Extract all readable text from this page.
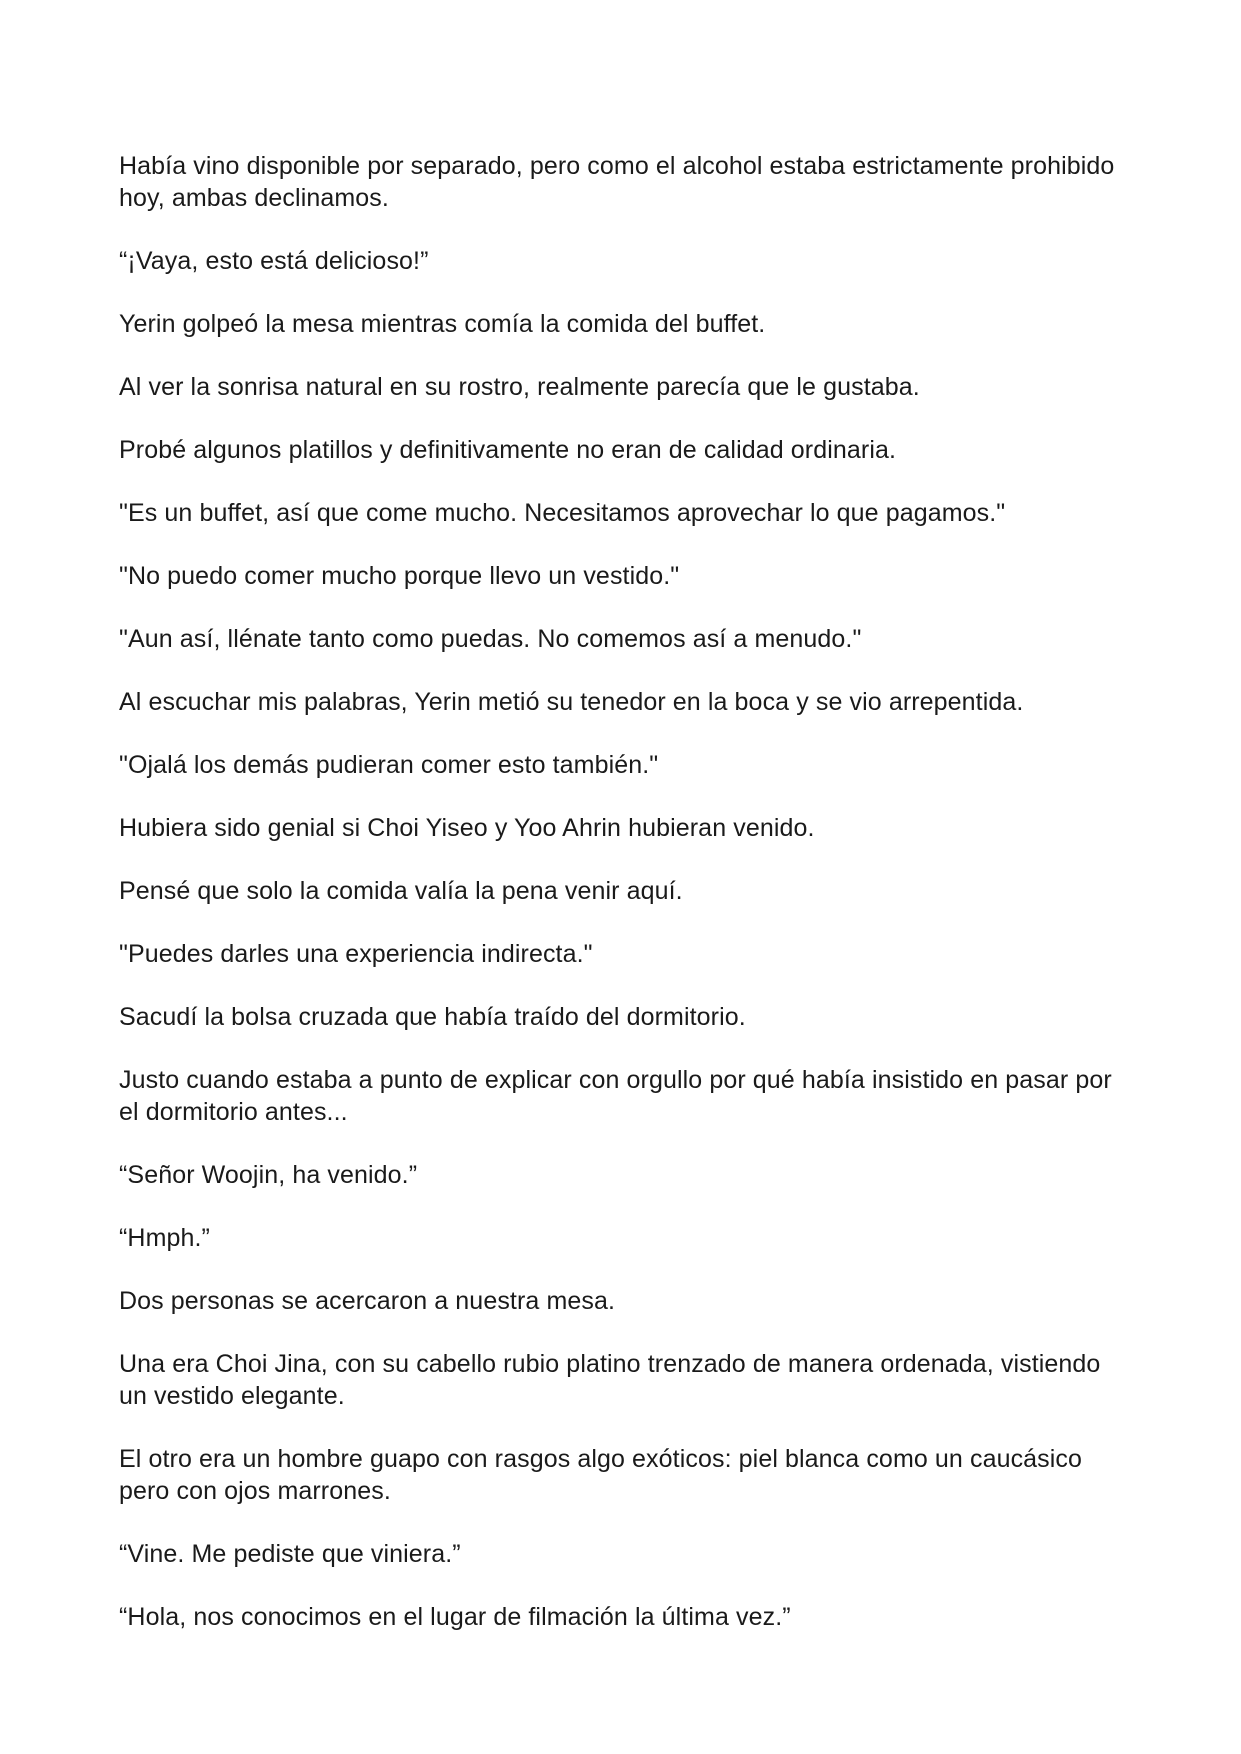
Había vino disponible por separado, pero como el alcohol estaba estrictamente prohibido hoy, ambas declinamos.

“¡Vaya, esto está delicioso!”

Yerin golpeó la mesa mientras comía la comida del buffet.

Al ver la sonrisa natural en su rostro, realmente parecía que le gustaba.

Probé algunos platillos y definitivamente no eran de calidad ordinaria.

"Es un buffet, así que come mucho. Necesitamos aprovechar lo que pagamos."

"No puedo comer mucho porque llevo un vestido."

"Aun así, llénate tanto como puedas. No comemos así a menudo."

Al escuchar mis palabras, Yerin metió su tenedor en la boca y se vio arrepentida.

"Ojalá los demás pudieran comer esto también."

Hubiera sido genial si Choi Yiseo y Yoo Ahrin hubieran venido.

Pensé que solo la comida valía la pena venir aquí.

"Puedes darles una experiencia indirecta."

Sacudí la bolsa cruzada que había traído del dormitorio.

Justo cuando estaba a punto de explicar con orgullo por qué había insistido en pasar por el dormitorio antes...

“Señor Woojin, ha venido.”

“Hmph.”

Dos personas se acercaron a nuestra mesa.

Una era Choi Jina, con su cabello rubio platino trenzado de manera ordenada, vistiendo un vestido elegante.

El otro era un hombre guapo con rasgos algo exóticos: piel blanca como un caucásico pero con ojos marrones.

“Vine. Me pediste que viniera.”

“Hola, nos conocimos en el lugar de filmación la última vez.”
